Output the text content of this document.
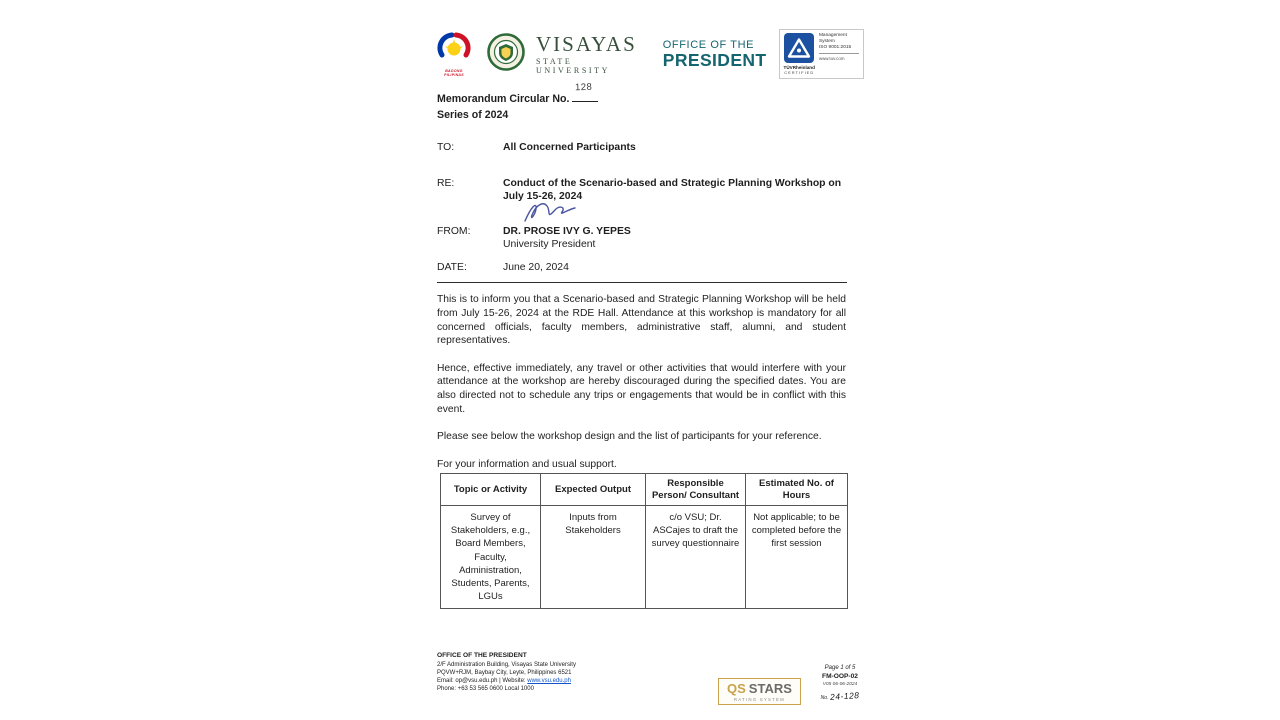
BAGONG PILIPINAS
VISAYAS
STATE UNIVERSITY
OFFICE OF THE
PRESIDENT	TÜVRheinland
CERTIFIED
Management System
ISO 9001:2015
www.tuv.com
Memorandum Circular No.
128
Series of 2024
TO:	All Concerned Participants
RE:	Conduct of the Scenario-based and Strategic Planning Workshop on July 15-26, 2024
FROM:	DR. PROSE IVY G. YEPES
University President
DATE:	June 20, 2024

This is to inform you that a Scenario-based and Strategic Planning Workshop will be held from July 15-26, 2024 at the RDE Hall. Attendance at this workshop is mandatory for all concerned officials, faculty members, administrative staff, alumni, and student representatives.

Hence, effective immediately, any travel or other activities that would interfere with your attendance at the workshop are hereby discouraged during the specified dates. You are also directed not to schedule any trips or engagements that would be in conflict with this event.

Please see below the workshop design and the list of participants for your reference.

For your information and usual support.

Topic or Activity	Expected Output	Responsible Person/ Consultant	Estimated No. of Hours
Survey of Stakeholders, e.g., Board Members, Faculty, Administration, Students, Parents, LGUs	Inputs from Stakeholders	c/o VSU; Dr. ASCajes to draft the survey questionnaire	Not applicable; to be completed before the first session
OFFICE OF THE PRESIDENT
2/F Administration Building, Visayas State University
PQVW+RJM, Baybay City, Leyte, Philippines 6521
Email: op@vsu.edu.ph | Website: www.vsu.edu.ph
Phone: +63 53 565 0600 Local 1000	QS STARS
RATING SYSTEM
Page 1 of 5
FM-OOP-02
V05 06-06-2024
No. 24-128
